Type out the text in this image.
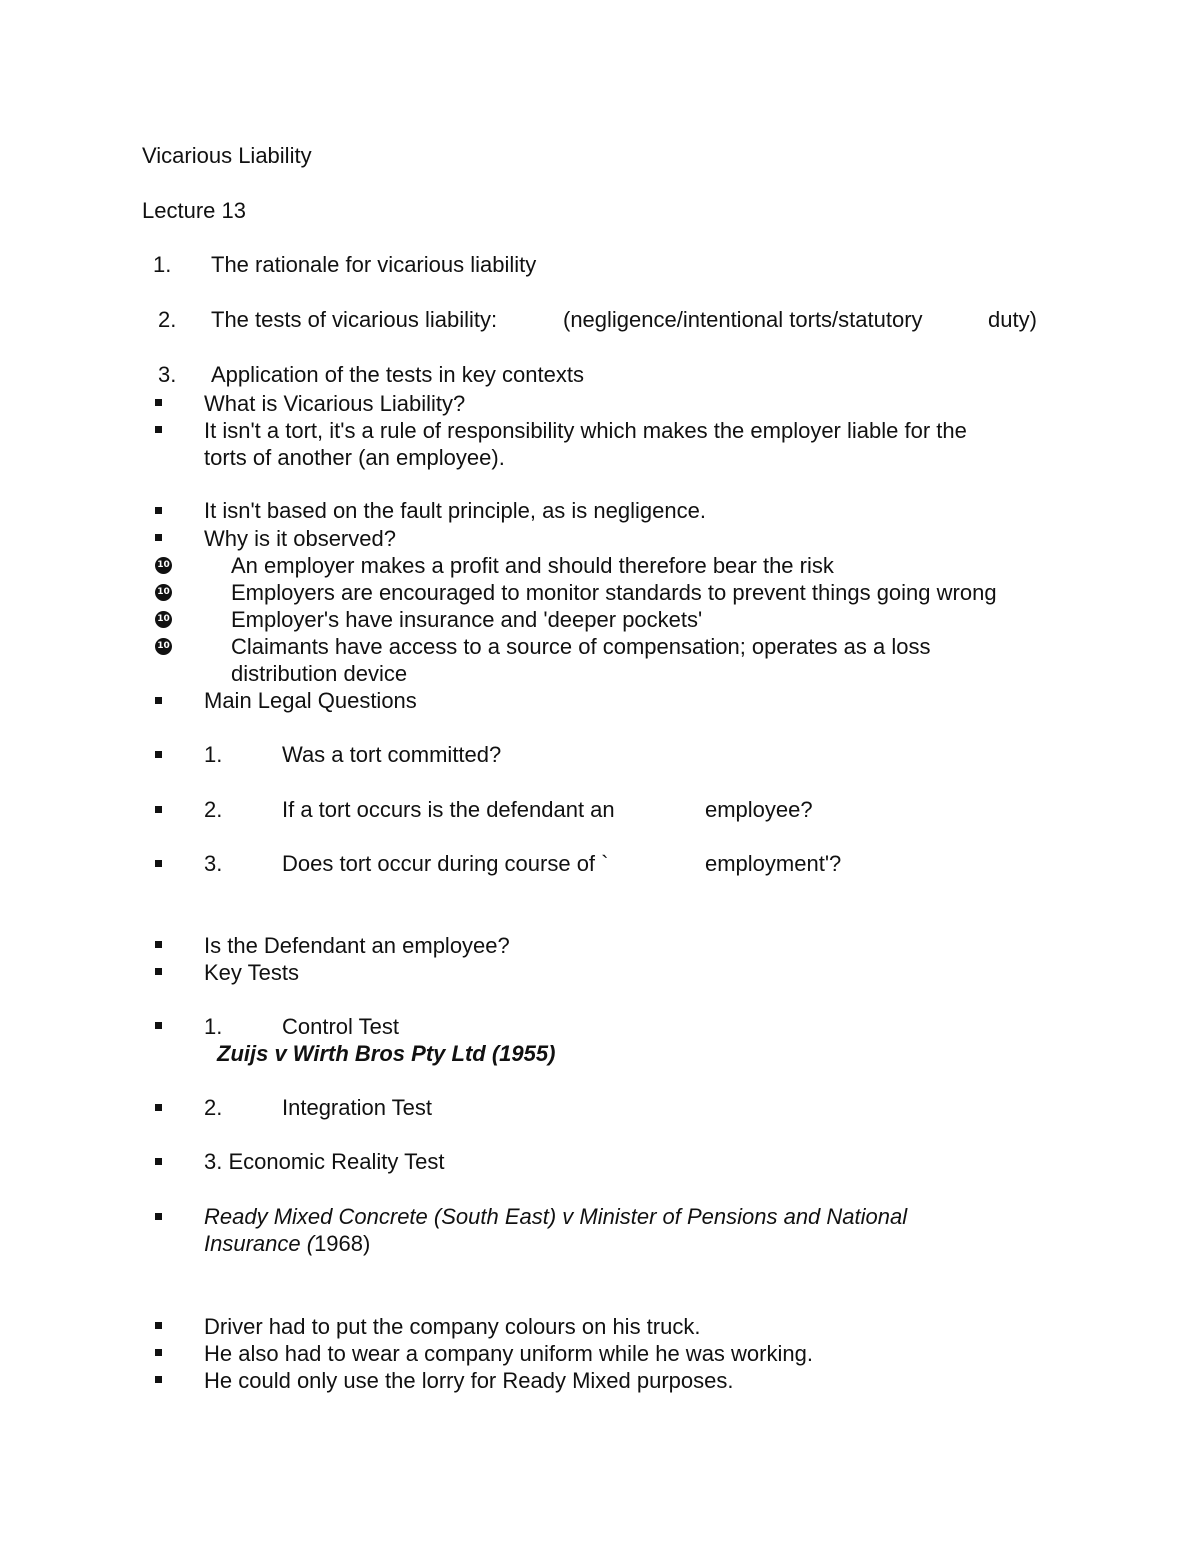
Vicarious Liability
Lecture 13
1. The rationale for vicarious liability
2. The tests of vicarious liability:	(negligence/intentional torts/statutory	duty)
3. Application of the tests in key contexts
What is Vicarious Liability?
It isn't a tort, it's a rule of responsibility which makes the employer liable for the
torts of another (an employee).
It isn't based on the fault principle, as is negligence.
Why is it observed?
10	An employer makes a profit and should therefore bear the risk
10	Employers are encouraged to monitor standards to prevent things going wrong
10	Employer's have insurance and 'deeper pockets'
10	Claimants have access to a source of compensation; operates as a loss
distribution device
Main Legal Questions
1.	Was a tort committed?
2.	If a tort occurs is the defendant an	employee?
3.	Does tort occur during course of `	employment'?
Is the Defendant an employee?
Key Tests
1.	Control Test
Zuijs v Wirth Bros Pty Ltd (1955)
2.	Integration Test
3. Economic Reality Test
Ready Mixed Concrete (South East) v Minister of Pensions and National
Insurance (1968)
Driver had to put the company colours on his truck.
He also had to wear a company uniform while he was working.
He could only use the lorry for Ready Mixed purposes.
